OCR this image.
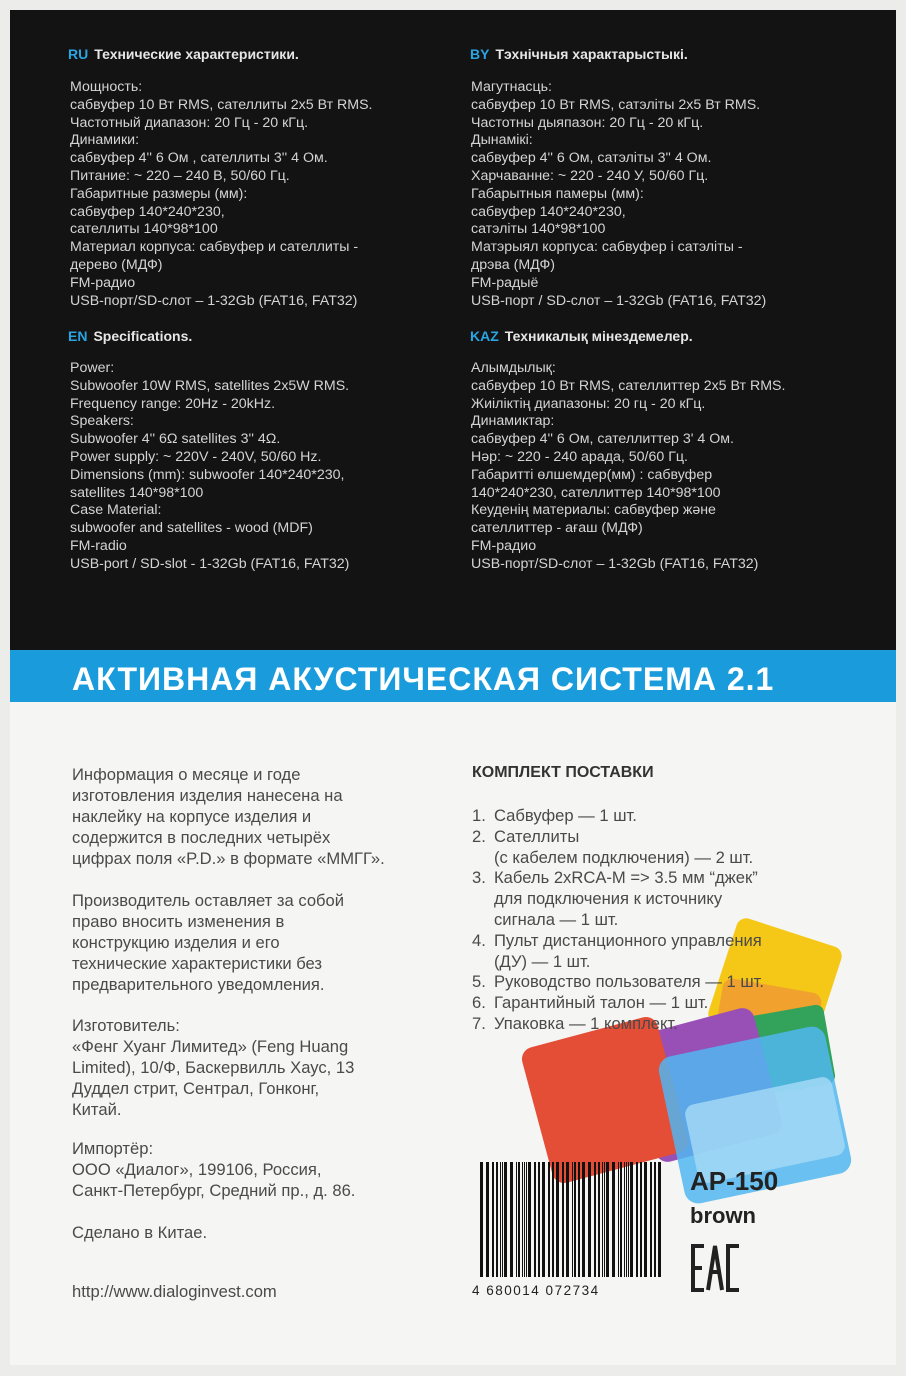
RU Технические характеристики.
Мощность:
сабвуфер 10 Вт RMS, сателлиты 2х5 Вт RMS.
Частотный диапазон: 20 Гц - 20 кГц.
Динамики:
сабвуфер 4'' 6 Ом , сателлиты 3'' 4 Ом.
Питание: ~ 220 – 240 В, 50/60 Гц.
Габаритные размеры (мм):
сабвуфер 140*240*230,
сателлиты 140*98*100
Материал корпуса: сабвуфер и сателлиты -
дерево (МДФ)
FM-радио
USB-порт/SD-слот – 1-32Gb (FAT16, FAT32)
BY Тэхнічныя характарыстыкі.
Магутнасць:
сабвуфер 10 Вт RMS, сатэліты 2х5 Вт RMS.
Частотны дыяпазон: 20 Гц - 20 кГц.
Дынамікі:
сабвуфер 4'' 6 Ом, сатэліты 3'' 4 Ом.
Харчаванне: ~ 220 - 240 У, 50/60 Гц.
Габарытныя памеры (мм):
сабвуфер 140*240*230,
сатэліты 140*98*100
Матэрыял корпуса: сабвуфер і сатэліты -
дрэва (МДФ)
FM-радыё
USB-порт / SD-слот – 1-32Gb (FAT16, FAT32)
EN Specifications.
Power:
Subwoofer 10W RMS, satellites 2х5W RMS.
Frequency range: 20Hz - 20kHz.
Speakers:
Subwoofer 4'' 6Ω satellites 3'' 4Ω.
Power supply: ~ 220V - 240V, 50/60 Hz.
Dimensions (mm): subwoofer 140*240*230,
satellites 140*98*100
Case Material:
subwoofer and satellites - wood (MDF)
FM-radio
USB-port / SD-slot - 1-32Gb (FAT16, FAT32)
KAZ Техникалық мінездемелер.
Алымдылық:
сабвуфер 10 Вт RMS, сателлиттер 2х5 Вт RMS.
Жиіліктің диапазоны: 20 гц - 20 кГц.
Динамиктар:
сабвуфер 4'' 6 Ом, сателлиттер 3' 4 Ом.
Нәр: ~ 220 - 240 арада, 50/60 Гц.
Габаритті өлшемдер(мм) : сабвуфер
140*240*230, сателлиттер 140*98*100
Кеуденің материалы: сабвуфер және
сателлиттер - ағаш (МДФ)
FM-радио
USB-порт/SD-слот – 1-32Gb (FAT16, FAT32)
АКТИВНАЯ АКУСТИЧЕСКАЯ СИСТЕМА 2.1
Информация о месяце и годе
изготовления изделия нанесена на
наклейку на корпусе изделия и
содержится в последних четырёх
цифрах поля «P.D.» в формате «ММГГ».
Производитель оставляет за собой
право вносить изменения в
конструкцию изделия и его
технические характеристики без
предварительного уведомления.
Изготовитель:
«Фенг Хуанг Лимитед» (Feng Huang
Limited), 10/Ф, Баскервилль Хаус, 13
Дуддел стрит, Сентрал, Гонконг,
Китай.
Импортёр:
ООО «Диалог», 199106, Россия,
Санкт-Петербург, Средний пр., д. 86.
Сделано в Китае.
http://www.dialoginvest.com
КОМПЛЕКТ ПОСТАВКИ
1. Сабвуфер — 1 шт.
2. Сателлиты
(с кабелем подключения) — 2 шт.
3. Кабель 2xRCA-M => 3.5 мм “джек”
для подключения к источнику
сигнала — 1 шт.
4. Пульт дистанционного управления
(ДУ) — 1 шт.
5. Руководство пользователя — 1 шт.
6. Гарантийный талон — 1 шт.
7. Упаковка — 1 комплект.
4 680014 072734
AP-150
brown
